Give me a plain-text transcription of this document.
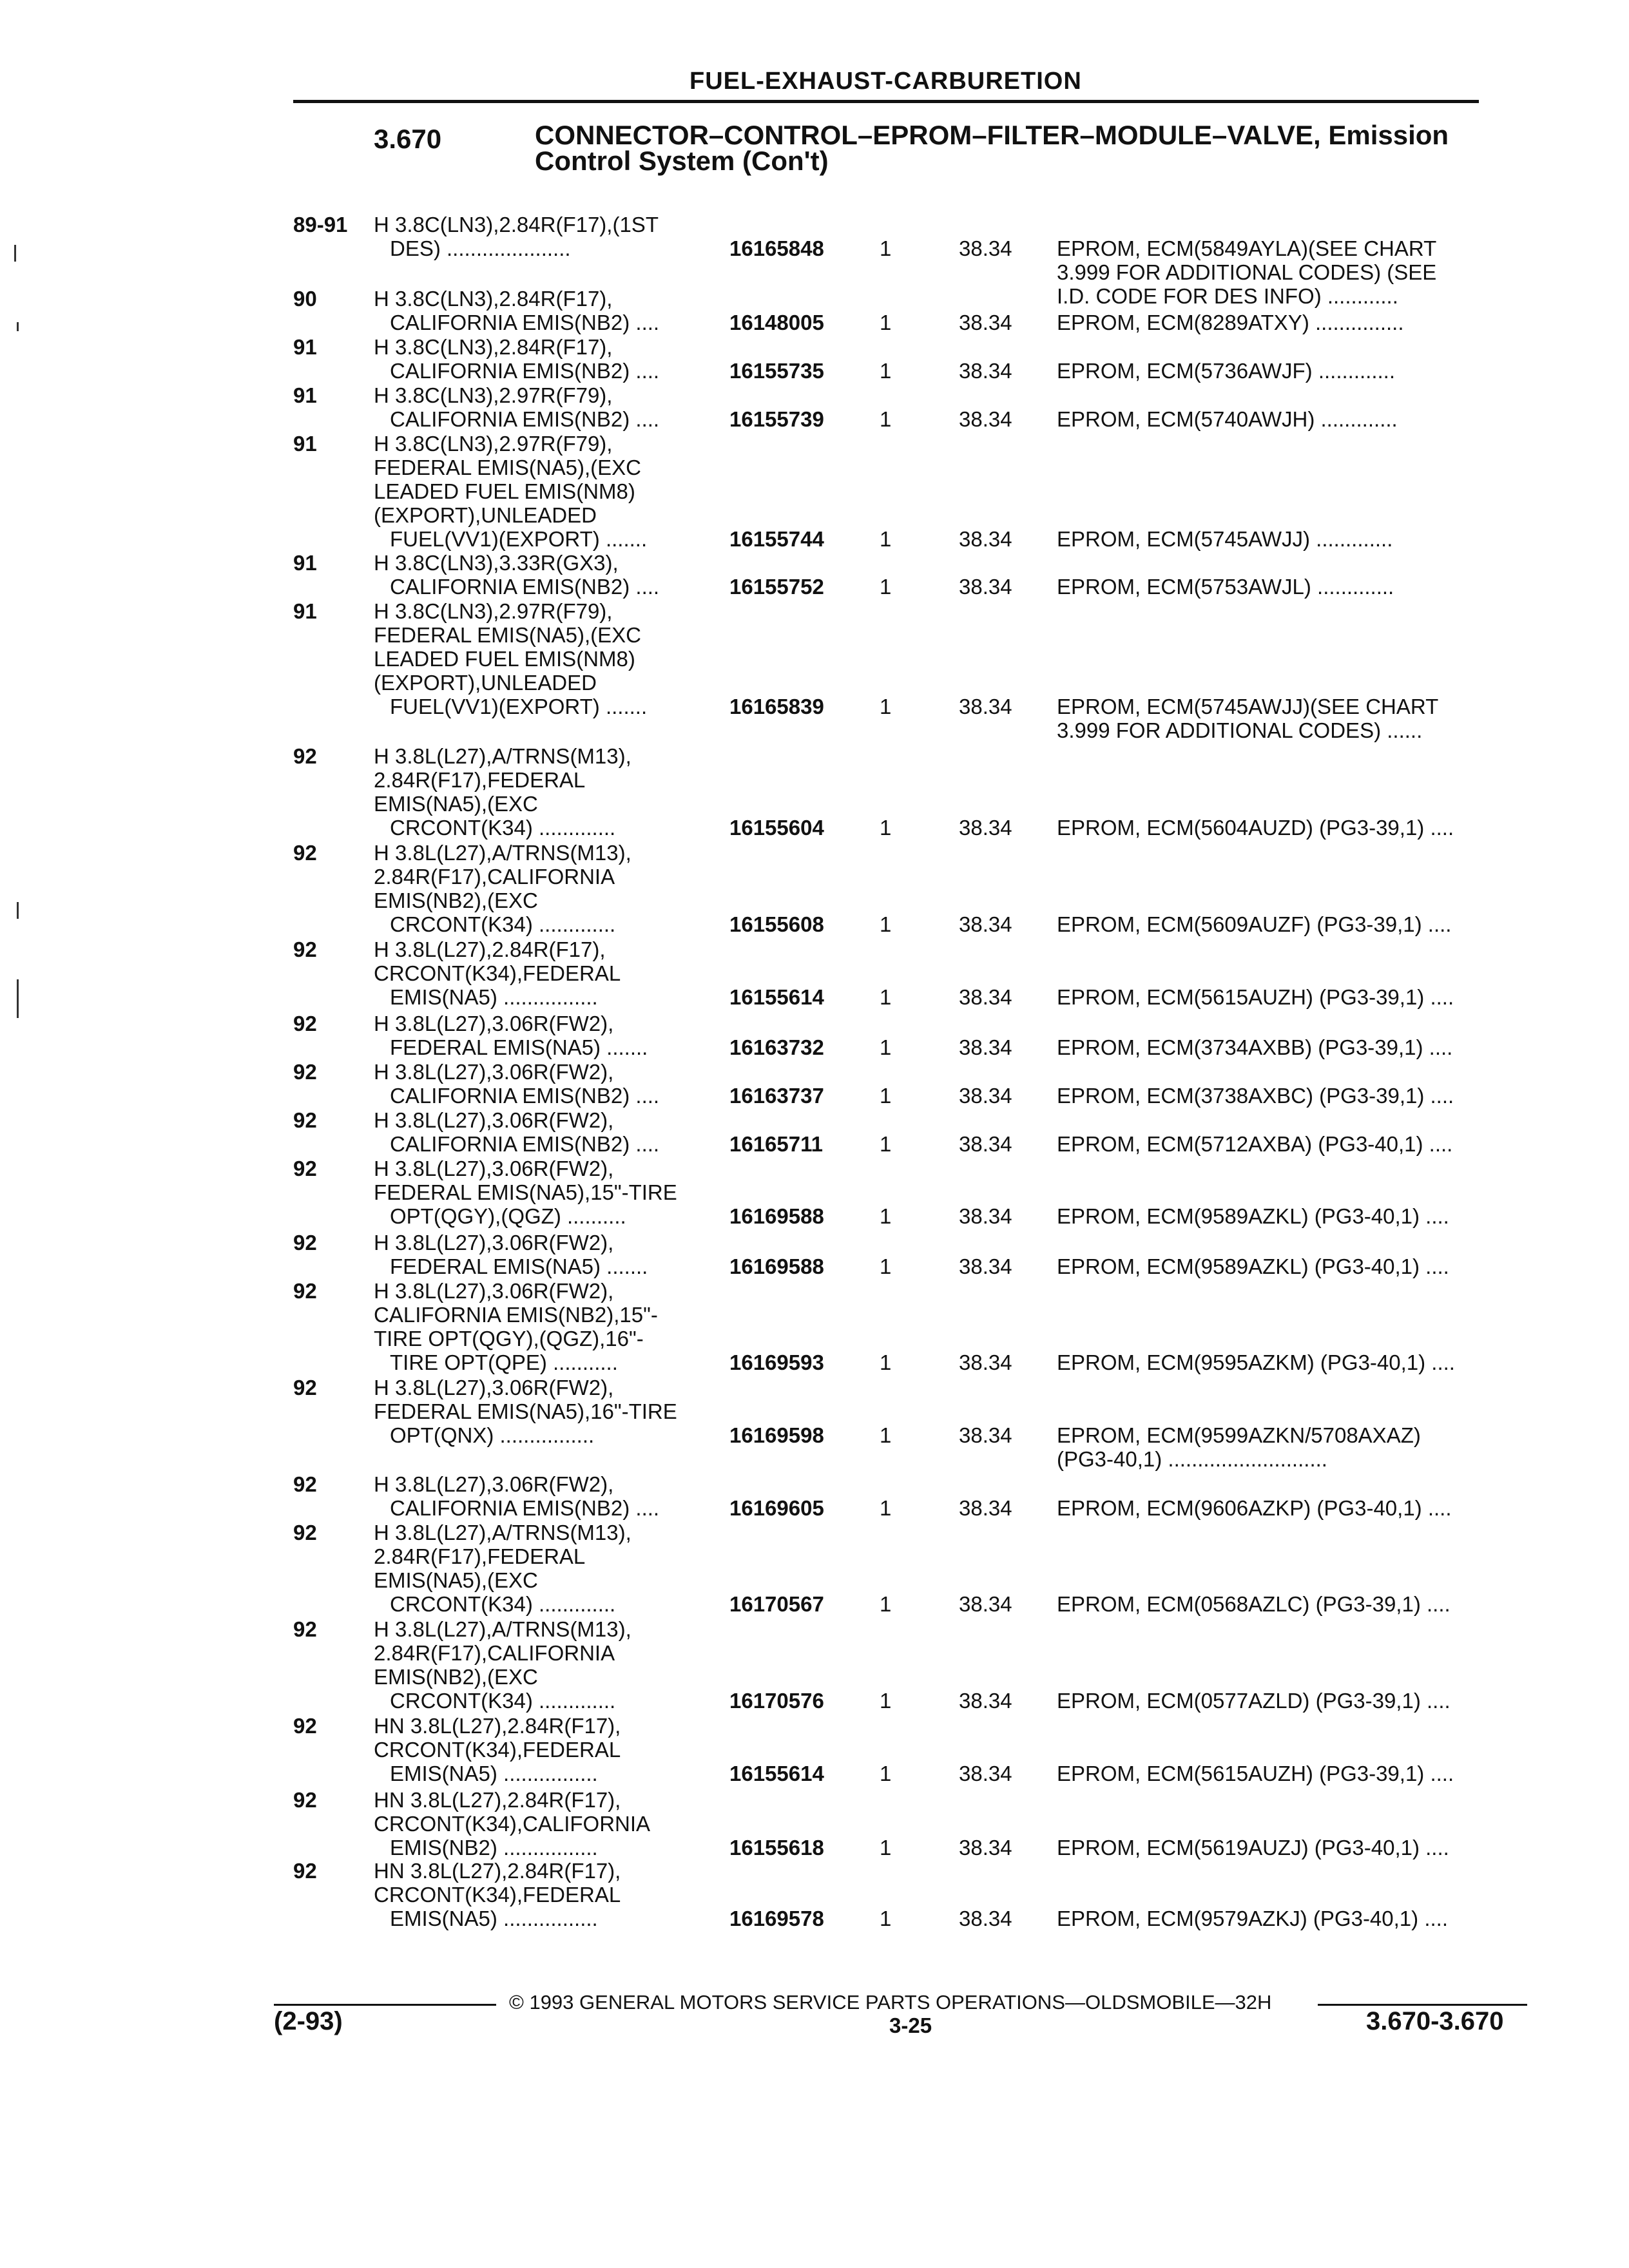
FUEL-EXHAUST-CARBURETION
3.670	CONNECTOR–CONTROL–EPROM–FILTER–MODULE–VALVE, Emission Control System (Con't)
89-91 H 3.8C(LN3),2.84R(F17),(1ST
DES) .....................	16165848	1	38.34 EPROM, ECM(5849AYLA)(SEE CHART
3.999 FOR ADDITIONAL CODES) (SEE
I.D. CODE FOR DES INFO) ............
90	H 3.8C(LN3),2.84R(F17),
CALIFORNIA EMIS(NB2) ....	16148005	1	38.34 EPROM, ECM(8289ATXY) ...............
91	H 3.8C(LN3),2.84R(F17),
CALIFORNIA EMIS(NB2) ....	16155735	1	38.34 EPROM, ECM(5736AWJF) .............
91	H 3.8C(LN3),2.97R(F79),
CALIFORNIA EMIS(NB2) ....	16155739	1	38.34 EPROM, ECM(5740AWJH) .............
91	H 3.8C(LN3),2.97R(F79),
FEDERAL EMIS(NA5),(EXC
LEADED FUEL EMIS(NM8)
(EXPORT),UNLEADED
FUEL(VV1)(EXPORT) .......	16155744	1	38.34 EPROM, ECM(5745AWJJ) .............
91	H 3.8C(LN3),3.33R(GX3),
CALIFORNIA EMIS(NB2) ....	16155752	1	38.34 EPROM, ECM(5753AWJL) .............
91	H 3.8C(LN3),2.97R(F79),
FEDERAL EMIS(NA5),(EXC
LEADED FUEL EMIS(NM8)
(EXPORT),UNLEADED
FUEL(VV1)(EXPORT) .......	16165839	1	38.34 EPROM, ECM(5745AWJJ)(SEE CHART
3.999 FOR ADDITIONAL CODES) ......
92	H 3.8L(L27),A/TRNS(M13),
2.84R(F17),FEDERAL
EMIS(NA5),(EXC
CRCONT(K34) .............	16155604	1	38.34 EPROM, ECM(5604AUZD) (PG3-39,1) ....
92	H 3.8L(L27),A/TRNS(M13),
2.84R(F17),CALIFORNIA
EMIS(NB2),(EXC
CRCONT(K34) .............	16155608	1	38.34 EPROM, ECM(5609AUZF) (PG3-39,1) ....
92	H 3.8L(L27),2.84R(F17),
CRCONT(K34),FEDERAL
EMIS(NA5) ................	16155614	1	38.34 EPROM, ECM(5615AUZH) (PG3-39,1) ....
92	H 3.8L(L27),3.06R(FW2),
FEDERAL EMIS(NA5) .......	16163732	1	38.34 EPROM, ECM(3734AXBB) (PG3-39,1) ....
92	H 3.8L(L27),3.06R(FW2),
CALIFORNIA EMIS(NB2) ....	16163737	1	38.34 EPROM, ECM(3738AXBC) (PG3-39,1) ....
92	H 3.8L(L27),3.06R(FW2),
CALIFORNIA EMIS(NB2) ....	16165711	1	38.34 EPROM, ECM(5712AXBA) (PG3-40,1) ....
92	H 3.8L(L27),3.06R(FW2),
FEDERAL EMIS(NA5),15"-TIRE
OPT(QGY),(QGZ) ..........	16169588	1	38.34 EPROM, ECM(9589AZKL) (PG3-40,1) ....
92	H 3.8L(L27),3.06R(FW2),
FEDERAL EMIS(NA5) .......	16169588	1	38.34 EPROM, ECM(9589AZKL) (PG3-40,1) ....
92	H 3.8L(L27),3.06R(FW2),
CALIFORNIA EMIS(NB2),15"-
TIRE OPT(QGY),(QGZ),16"-
TIRE OPT(QPE) ...........	16169593	1	38.34 EPROM, ECM(9595AZKM) (PG3-40,1) ....
92	H 3.8L(L27),3.06R(FW2),
FEDERAL EMIS(NA5),16"-TIRE
OPT(QNX) ................	16169598	1	38.34 EPROM, ECM(9599AZKN/5708AXAZ)
(PG3-40,1) ...........................
92	H 3.8L(L27),3.06R(FW2),
CALIFORNIA EMIS(NB2) ....	16169605	1	38.34 EPROM, ECM(9606AZKP) (PG3-40,1) ....
92	H 3.8L(L27),A/TRNS(M13),
2.84R(F17),FEDERAL
EMIS(NA5),(EXC
CRCONT(K34) .............	16170567	1	38.34 EPROM, ECM(0568AZLC) (PG3-39,1) ....
92	H 3.8L(L27),A/TRNS(M13),
2.84R(F17),CALIFORNIA
EMIS(NB2),(EXC
CRCONT(K34) .............	16170576	1	38.34 EPROM, ECM(0577AZLD) (PG3-39,1) ....
92	HN 3.8L(L27),2.84R(F17),
CRCONT(K34),FEDERAL
EMIS(NA5) ................	16155614	1	38.34 EPROM, ECM(5615AUZH) (PG3-39,1) ....
92	HN 3.8L(L27),2.84R(F17),
CRCONT(K34),CALIFORNIA
EMIS(NB2) ................	16155618	1	38.34 EPROM, ECM(5619AUZJ) (PG3-40,1) ....
92	HN 3.8L(L27),2.84R(F17),
CRCONT(K34),FEDERAL
EMIS(NA5) ................	16169578	1	38.34 EPROM, ECM(9579AZKJ) (PG3-40,1) ....
© 1993 GENERAL MOTORS SERVICE PARTS OPERATIONS—OLDSMOBILE—32H
(2-93)	3-25	3.670-3.670
